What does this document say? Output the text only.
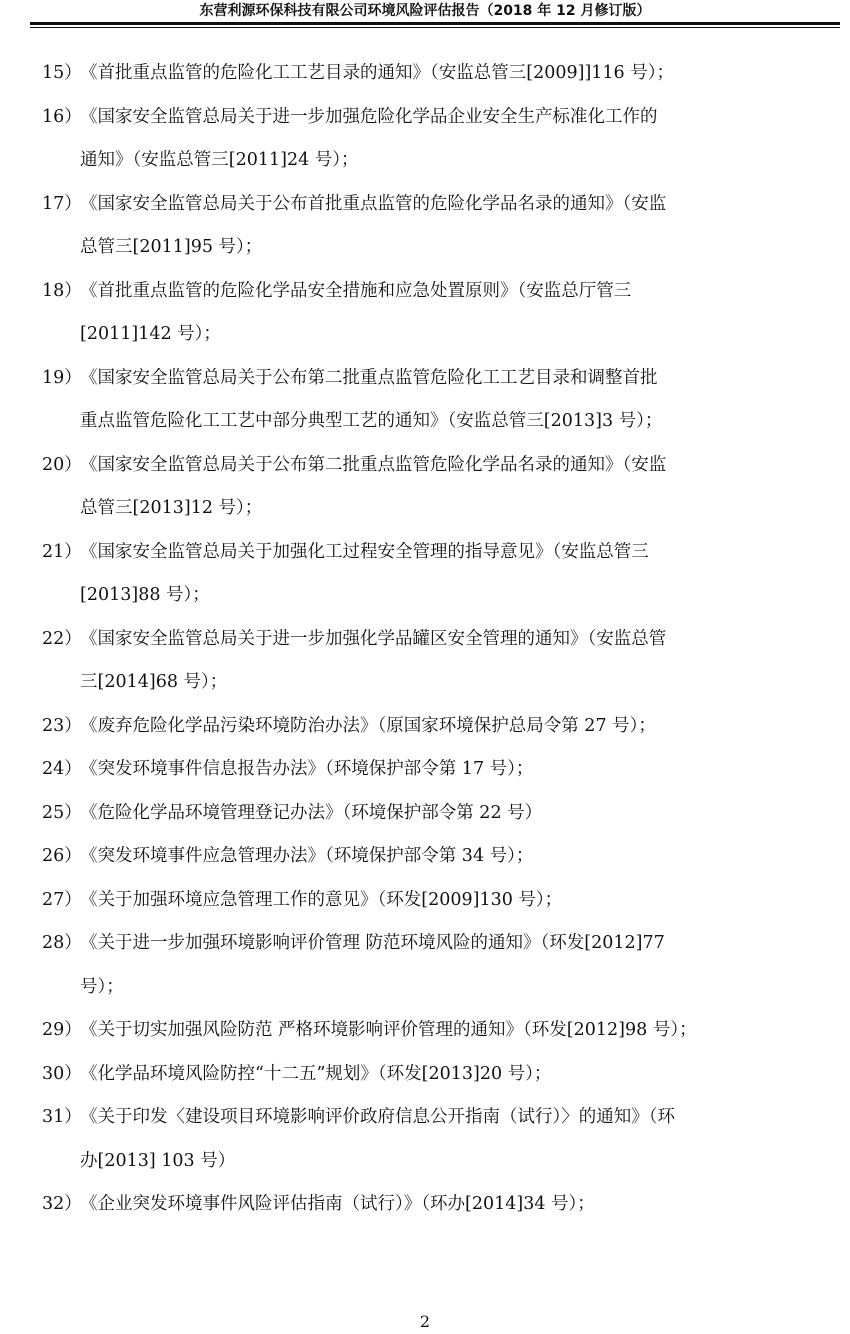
东营利源环保科技有限公司环境风险评估报告（2018 年 12 月修订版）
15）
《首批重点监管的危险化工工艺目录的通知》（安监总管三[2009]]116 号）；
16）
《国家安全监管总局关于进一步加强危险化学品企业安全生产标准化工作的
通知》（安监总管三[2011]24 号）；
17）
《国家安全监管总局关于公布首批重点监管的危险化学品名录的通知》（安监
总管三[2011]95 号）；
18）
《首批重点监管的危险化学品安全措施和应急处置原则》（安监总厅管三
[2011]142 号）；
19）
《国家安全监管总局关于公布第二批重点监管危险化工工艺目录和调整首批
重点监管危险化工工艺中部分典型工艺的通知》（安监总管三[2013]3 号）；
20）
《国家安全监管总局关于公布第二批重点监管危险化学品名录的通知》（安监
总管三[2013]12 号）；
21）
《国家安全监管总局关于加强化工过程安全管理的指导意见》（安监总管三
[2013]88 号）；
22）
《国家安全监管总局关于进一步加强化学品罐区安全管理的通知》（安监总管
三[2014]68 号）；
23）
《废弃危险化学品污染环境防治办法》（原国家环境保护总局令第 27 号）；
24）
《突发环境事件信息报告办法》（环境保护部令第 17 号）；
25）
《危险化学品环境管理登记办法》（环境保护部令第 22 号）
26）
《突发环境事件应急管理办法》（环境保护部令第 34 号）；
27）
《关于加强环境应急管理工作的意见》（环发[2009]130 号）；
28）
《关于进一步加强环境影响评价管理 防范环境风险的通知》（环发[2012]77
号）；
29）
《关于切实加强风险防范 严格环境影响评价管理的通知》（环发[2012]98 号）；
30）
《化学品环境风险防控“十二五”规划》（环发[2013]20 号）；
31）
《关于印发〈建设项目环境影响评价政府信息公开指南（试行）〉的通知》（环
办[2013] 103 号）
32）
《企业突发环境事件风险评估指南（试行）》（环办[2014]34 号）；
2
